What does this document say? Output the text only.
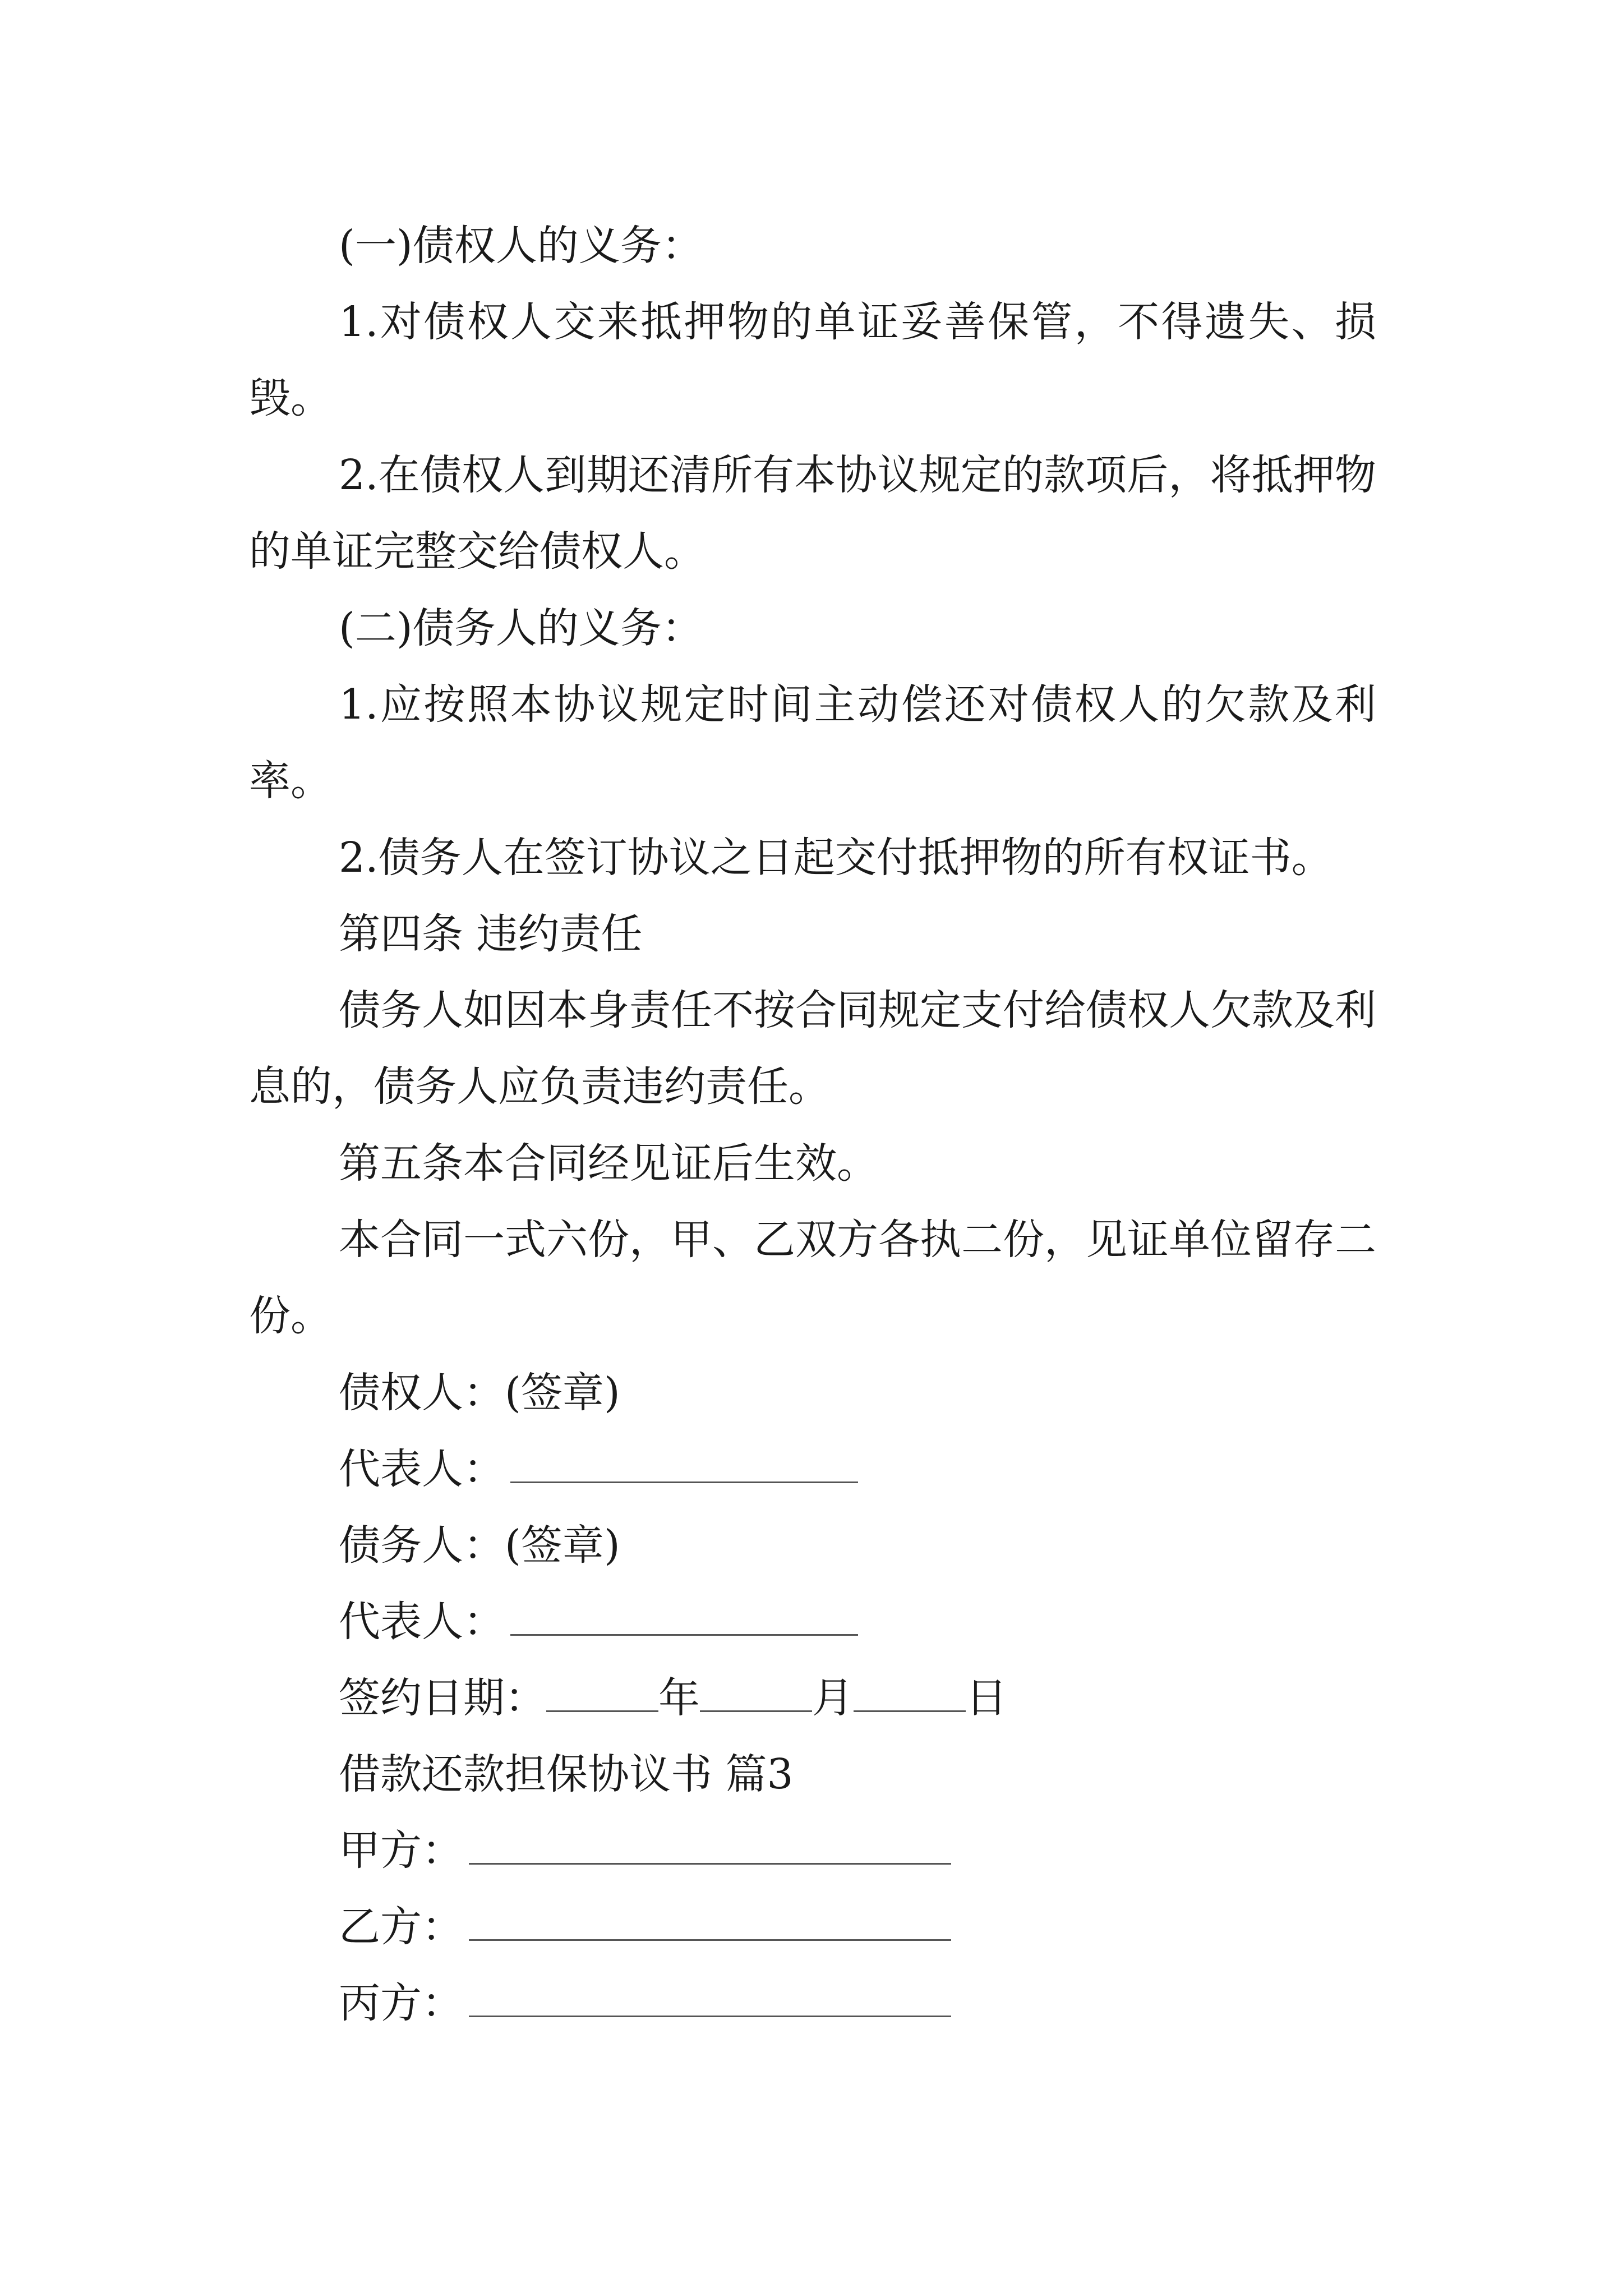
(一)债权人的义务：

1.对债权人交来抵押物的单证妥善保管，不得遗失、损毁。

2.在债权人到期还清所有本协议规定的款项后，将抵押物的单证完整交给债权人。

(二)债务人的义务：

1.应按照本协议规定时间主动偿还对债权人的欠款及利率。

2.债务人在签订协议之日起交付抵押物的所有权证书。

第四条 违约责任

债务人如因本身责任不按合同规定支付给债权人欠款及利息的，债务人应负责违约责任。

第五条本合同经见证后生效。

本合同一式六份，甲、乙双方各执二份，见证单位留存二份。

债权人：(签章)

代表人：

债务人：(签章)

代表人：

签约日期：	年	月	日

借款还款担保协议书 篇3

甲方：

乙方：

丙方：
